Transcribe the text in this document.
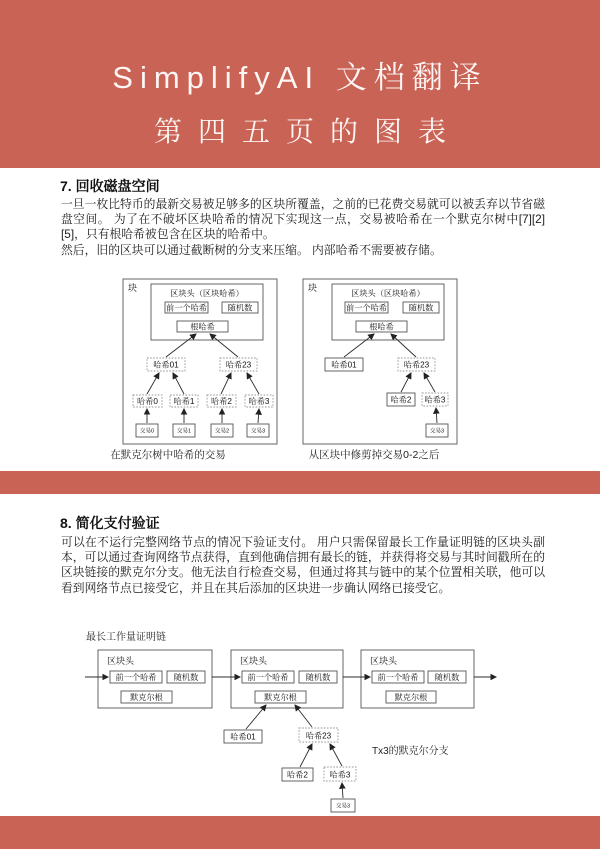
SimplifyAI 文档翻译
第四五页的图表
7. 回收磁盘空间
一旦一枚比特币的最新交易被足够多的区块所覆盖，之前的已花费交易就可以被丢弃以节省磁盘空间。 为了在不破坏区块哈希的情况下实现这一点，交易被哈希在一个默克尔树中[7][2][5]，只有根哈希被包含在区块的哈希中。
然后，旧的区块可以通过截断树的分支来压缩。 内部哈希不需要被存储。
块
区块头（区块哈希）
前一个哈希	随机数
根哈希
哈希01	哈希23
哈希0 哈希1 哈希2 哈希3
交易0	交易1	交易2	交易3
在默克尔树中哈希的交易
块
区块头（区块哈希）
前一个哈希	随机数
根哈希
哈希01	哈希23
哈希2 哈希3
交易3
从区块中修剪掉交易0-2之后
8. 简化支付验证
可以在不运行完整网络节点的情况下验证支付。 用户只需保留最长工作量证明链的区块头副本，可以通过查询网络节点获得，直到他确信拥有最长的链，并获得将交易与其时间戳所在的区块链接的默克尔分支。他无法自行检查交易，但通过将其与链中的某个位置相关联，他可以看到网络节点已接受它，并且在其后添加的区块进一步确认网络已接受它。
最长工作量证明链
区块头
前一个哈希 随机数
默克尔根
区块头
前一个哈希 随机数
默克尔根
区块头
前一个哈希 随机数
默克尔根
哈希01	哈希23
哈希2	哈希3
交易3
Tx3的默克尔分支
